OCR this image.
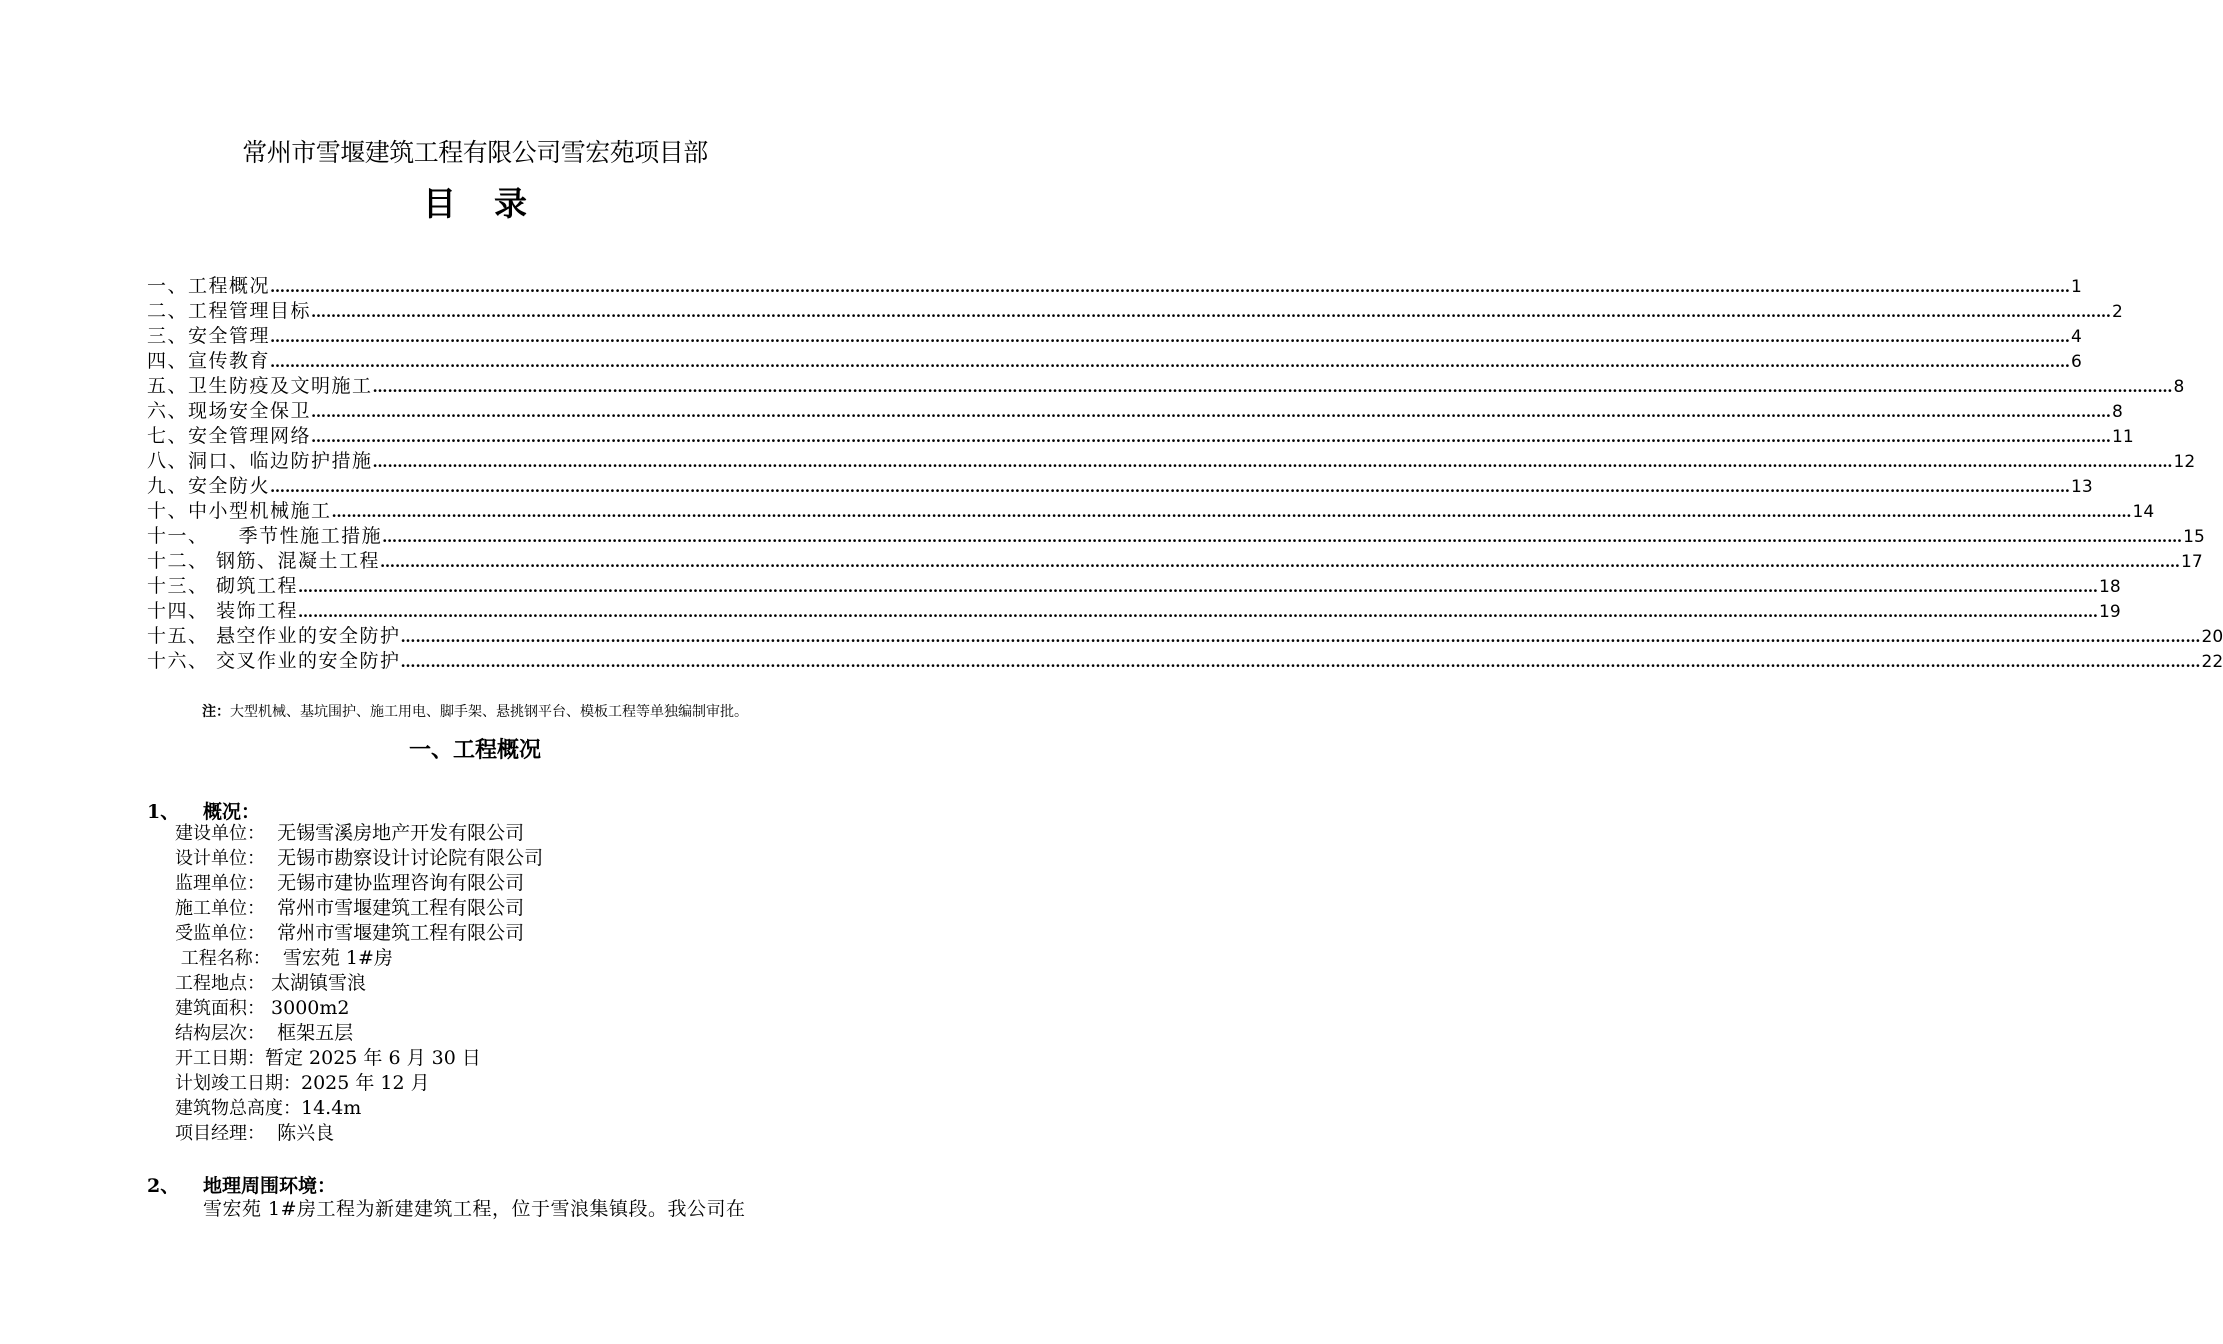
常州市雪堰建筑工程有限公司雪宏苑项目部
目录
一、工程概况 ……………………………………………………………………………………………………………………………………………………………………………………………………………………………………………………………………………………………………………………………… 1
二、工程管理目标 ……………………………………………………………………………………………………………………………………………………………………………………………………………………………………………………………………………………………………………………………… 2
三、安全管理 ……………………………………………………………………………………………………………………………………………………………………………………………………………………………………………………………………………………………………………………………… 4
四、宣传教育 ……………………………………………………………………………………………………………………………………………………………………………………………………………………………………………………………………………………………………………………………… 6
五、卫生防疫及文明施工 ……………………………………………………………………………………………………………………………………………………………………………………………………………………………………………………………………………………………………………………………… 8
六、现场安全保卫 ……………………………………………………………………………………………………………………………………………………………………………………………………………………………………………………………………………………………………………………………… 8
七、安全管理网络 ……………………………………………………………………………………………………………………………………………………………………………………………………………………………………………………………………………………………………………………………… 11
八、洞口、临边防护措施 ……………………………………………………………………………………………………………………………………………………………………………………………………………………………………………………………………………………………………………………………… 12
九、安全防火 ……………………………………………………………………………………………………………………………………………………………………………………………………………………………………………………………………………………………………………………………… 13
十、中小型机械施工 ……………………………………………………………………………………………………………………………………………………………………………………………………………………………………………………………………………………………………………………………… 14
十一、    季节性施工措施 ……………………………………………………………………………………………………………………………………………………………………………………………………………………………………………………………………………………………………………………………… 15
十二、 钢筋、混凝土工程 ……………………………………………………………………………………………………………………………………………………………………………………………………………………………………………………………………………………………………………………………… 17
十三、 砌筑工程 ……………………………………………………………………………………………………………………………………………………………………………………………………………………………………………………………………………………………………………………………… 18
十四、 装饰工程 ……………………………………………………………………………………………………………………………………………………………………………………………………………………………………………………………………………………………………………………………… 19
十五、 悬空作业的安全防护 ……………………………………………………………………………………………………………………………………………………………………………………………………………………………………………………………………………………………………………………………… 20
十六、 交叉作业的安全防护 ……………………………………………………………………………………………………………………………………………………………………………………………………………………………………………………………………………………………………………………………… 22
注：大型机械、基坑围护、施工用电、脚手架、悬挑钢平台、模板工程等单独编制审批。
一、工程概况
1、 概况：
建设单位：  无锡雪溪房地产开发有限公司
设计单位：  无锡市勘察设计讨论院有限公司
监理单位：  无锡市建协监理咨询有限公司
施工单位：  常州市雪堰建筑工程有限公司
受监单位：  常州市雪堰建筑工程有限公司
工程名称：  雪宏苑 1#房
工程地点： 太湖镇雪浪
建筑面积： 3000m2
结构层次：  框架五层
开工日期：暂定 2025 年 6 月 30 日
计划竣工日期：2025 年 12 月
建筑物总高度：14.4m
项目经理：  陈兴良
2、 地理周围环境：
雪宏苑 1#房工程为新建建筑工程，位于雪浪集镇段。我公司在
